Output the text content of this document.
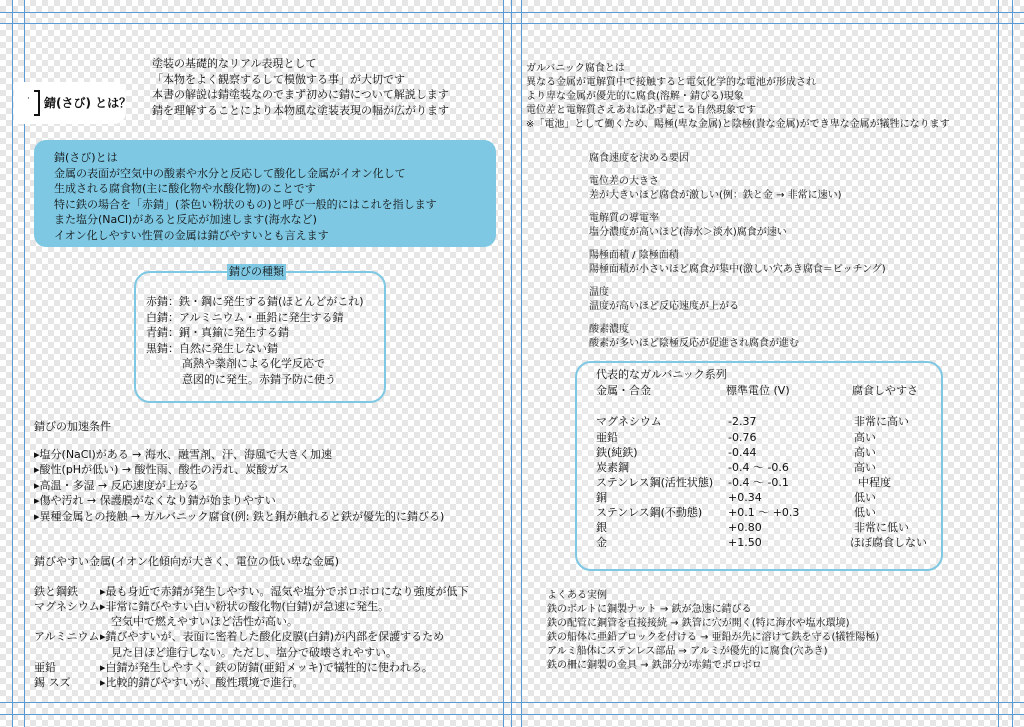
· 錆(さび) とは？

塗装の基礎的なリアル表現として

「本物をよく観察するして模倣する事」が大切です

本書の解説は錆塗装なのでまず初めに錆について解説します

錆を理解することにより本物風な塗装表現の幅が広がります

錆(さび)とは

金属の表面が空気中の酸素や水分と反応して酸化し金属がイオン化して

生成される腐食物(主に酸化物や水酸化物)のことです

特に鉄の場合を「赤錆」(茶色い粉状のもの)と呼び一般的にはこれを指します

また塩分(NaCl)があると反応が加速します(海水など)

イオン化しやすい性質の金属は錆びやすいとも言えます

錆びの種類

赤錆：鉄・鋼に発生する錆(ほとんどがこれ)

白錆：アルミニウム・亜鉛に発生する錆

青錆：銅・真鍮に発生する錆

黒錆：自然に発生しない錆

高熱や薬剤による化学反応で

意図的に発生。赤錆予防に使う

錆びの加速条件

▸塩分(NaCl)がある → 海水、融雪剤、汗、海風で大きく加速

▸酸性(pHが低い) → 酸性雨、酸性の汚れ、炭酸ガス

▸高温・多湿 → 反応速度が上がる

▸傷や汚れ → 保護膜がなくなり錆が始まりやすい

▸異種金属との接触 → ガルバニック腐食(例: 鉄と銅が触れると鉄が優先的に錆びる)

錆びやすい金属(イオン化傾向が大きく、電位の低い卑な金属)

鉄と鋼鉄	▸最も身近で赤錆が発生しやすい。湿気や塩分でボロボロになり強度が低下
マグネシウム ▸非常に錆びやすい白い粉状の酸化物(白錆)が急速に発生。
　空気中で燃えやすいほど活性が高い。
アルミニウム ▸錆びやすいが、表面に密着した酸化皮膜(白錆)が内部を保護するため
　見た目ほど進行しない。ただし、塩分で破壊されやすい。
亜鉛	▸白錆が発生しやすく、鉄の防錆(亜鉛メッキ)で犠牲的に使われる。
錫 スズ	▸比較的錆びやすいが、酸性環境で進行。

ガルバニック腐食とは

異なる金属が電解質中で接触すると電気化学的な電池が形成され

より卑な金属が優先的に腐食(溶解・錆びる)現象

電位差と電解質さえあれば必ず起こる自然現象です

※「電池」として働くため、陽極(卑な金属)と陰極(貴な金属)ができ卑な金属が犠牲になります

腐食速度を決める要因

電位差の大きさ

差が大きいほど腐食が激しい(例：鉄と金 → 非常に速い)

電解質の導電率

塩分濃度が高いほど(海水＞淡水)腐食が速い

陽極面積 / 陰極面積

陽極面積が小さいほど腐食が集中(激しい穴あき腐食＝ピッチング)

温度

温度が高いほど反応速度が上がる

酸素濃度

酸素が多いほど陰極反応が促進され腐食が進む

代表的なガルバニック系列
金属・合金	標準電位 (V)	腐食しやすさ
マグネシウム	-2.37	非常に高い
亜鉛	-0.76	高い
鉄(純鉄)	-0.44	高い
炭素鋼	-0.4 〜 -0.6	高い
ステンレス鋼(活性状態) -0.4 〜 -0.1	中程度
銅	+0.34	低い
ステンレス鋼(不動態) +0.1 〜 +0.3	低い
銀	+0.80	非常に低い
金	+1.50	ほぼ腐食しない

よくある実例

鉄のボルトに銅製ナット → 鉄が急速に錆びる

鉄の配管に銅管を直接接続 → 鉄管に穴が開く(特に海水や塩水環境)

鉄の船体に亜鉛ブロックを付ける → 亜鉛が先に溶けて鉄を守る(犠牲陽極)

アルミ船体にステンレス部品 → アルミが優先的に腐食(穴あき)

鉄の柵に銅製の金具 → 鉄部分が赤錆でボロボロ
